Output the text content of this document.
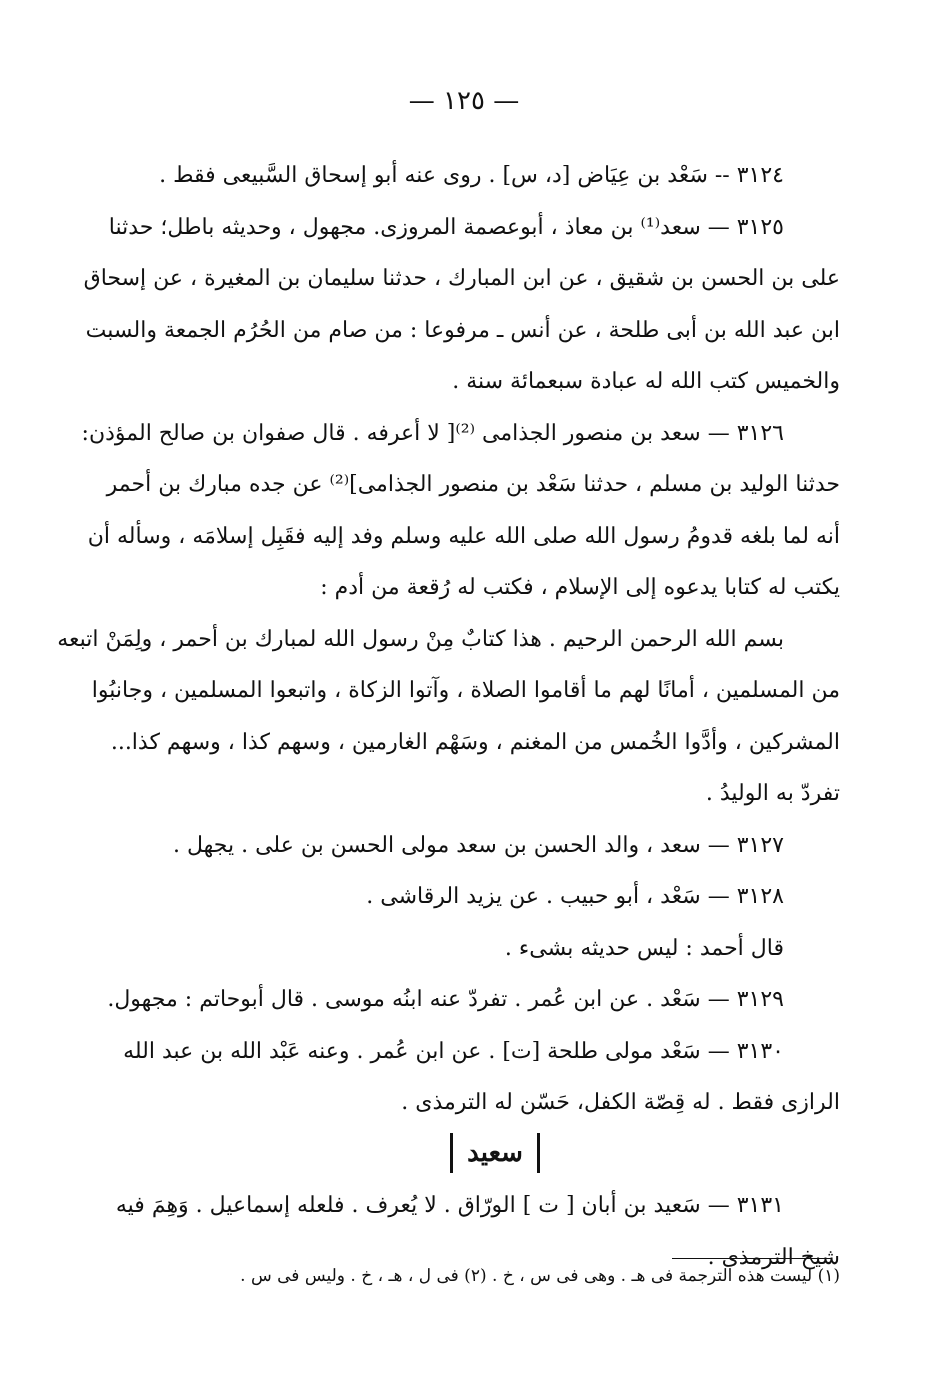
— ١٢٥ —
٣١٢٤ -- سَعْد بن عِيَاض [د، س] . روى عنه أبو إسحاق السَّبيعى فقط .
٣١٢٥ — سعد⁽¹⁾ بن معاذ ، أبوعصمة المروزى. مجهول ، وحديثه باطل؛ حدثنا
على بن الحسن بن شقيق ، عن ابن المبارك ، حدثنا سليمان بن المغيرة ، عن إسحاق
ابن عبد الله بن أبى طلحة ، عن أنس ـ مرفوعا : من صام من الحُرُم الجمعة والسبت
والخميس كتب الله له عبادة سبعمائة سنة .
٣١٢٦ — سعد بن منصور الجذامى ⁽²⁾[ لا أعرفه . قال صفوان بن صالح المؤذن:
حدثنا الوليد بن مسلم ، حدثنا سَعْد بن منصور الجذامى]⁽²⁾ عن جده مبارك بن أحمر
أنه لما بلغه قدومُ رسول الله صلى الله عليه وسلم وفد إليه فقَبِل إسلامَه ، وسأله أن
يكتب له كتابا يدعوه إلى الإسلام ، فكتب له رُقعة من أدم :
بسم الله الرحمن الرحيم . هذا كتابٌ مِنْ رسول الله لمبارك بن أحمر ، ولِمَنْ اتبعه
من المسلمين ، أمانًا لهم ما أقاموا الصلاة ، وآتوا الزكاة ، واتبعوا المسلمين ، وجانبُوا
المشركين ، وأدَّوا الخُمس من المغنم ، وسَهْم الغارمين ، وسهم كذا ، وسهم كذا...
تفردّ به الوليدُ .
٣١٢٧ — سعد ، والد الحسن بن سعد مولى الحسن بن على . يجهل .
٣١٢٨ — سَعْد ، أبو حبيب . عن يزيد الرقاشى .
قال أحمد : ليس حديثه بشىء .
٣١٢٩ — سَعْد . عن ابن عُمر . تفردّ عنه ابنُه موسى . قال أبوحاتم : مجهول.
٣١٣٠ — سَعْد مولى طلحة [ت] . عن ابن عُمر . وعنه عَبْد الله بن عبد الله
الرازى فقط . له قِصّة الكفل، حَسّن له الترمذى .
سعيد
٣١٣١ — سَعيد بن أبان [ ت ] الورّاق . لا يُعرف . فلعله إسماعيل . وَهِمَ فيه
شيخ الترمذى .
(١) ليست هذه الترجمة فى هـ . وهى فى س ، خ . (٢) فى ل ، هـ ، خ . وليس فى س .
